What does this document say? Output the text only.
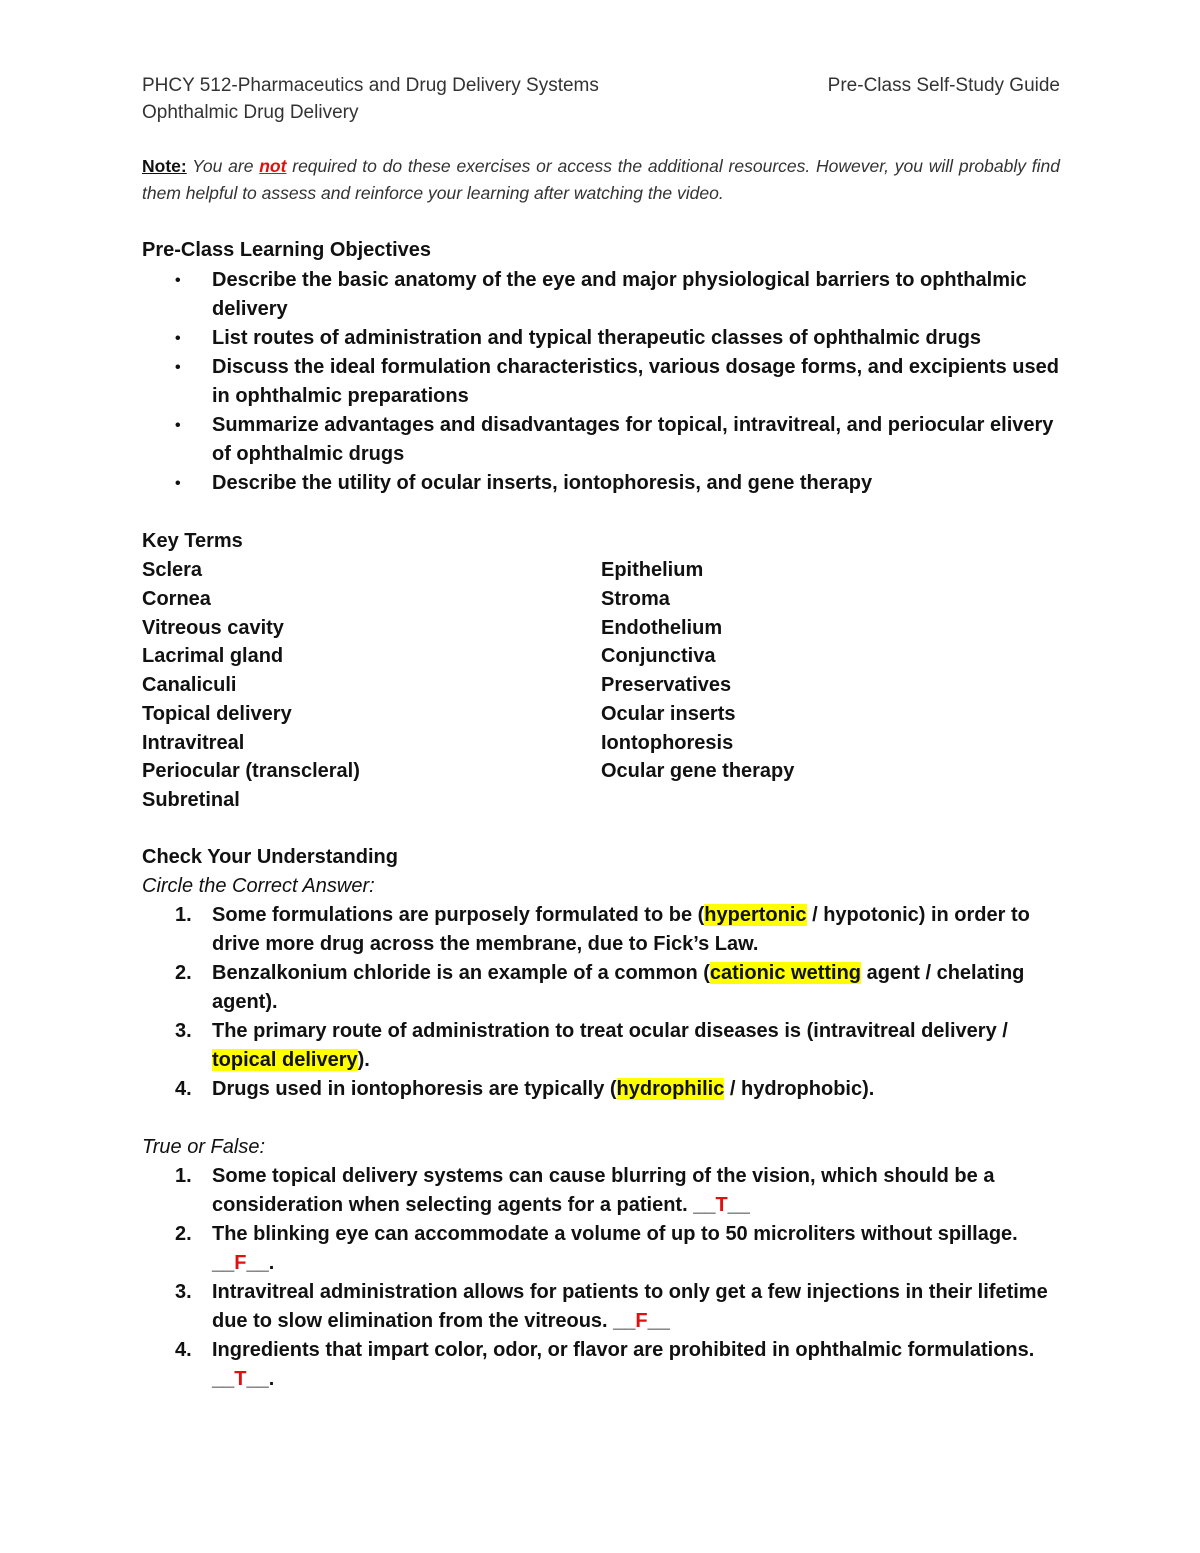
PHCY 512-Pharmaceutics and Drug Delivery Systems	Pre-Class Self-Study Guide
Ophthalmic Drug Delivery
Note: You are not required to do these exercises or access the additional resources. However, you will probably find them helpful to assess and reinforce your learning after watching the video.
Pre-Class Learning Objectives
• Describe the basic anatomy of the eye and major physiological barriers to ophthalmic delivery
• List routes of administration and typical therapeutic classes of ophthalmic drugs
• Discuss the ideal formulation characteristics, various dosage forms, and excipients used in ophthalmic preparations
• Summarize advantages and disadvantages for topical, intravitreal, and periocular elivery of ophthalmic drugs
• Describe the utility of ocular inserts, iontophoresis, and gene therapy
Key Terms
Sclera
Cornea
Vitreous cavity
Lacrimal gland
Canaliculi
Topical delivery
Intravitreal
Periocular (transcleral)
Subretinal
Epithelium
Stroma
Endothelium
Conjunctiva
Preservatives
Ocular inserts
Iontophoresis
Ocular gene therapy
Check Your Understanding
Circle the Correct Answer:
1. Some formulations are purposely formulated to be (hypertonic / hypotonic) in order to drive more drug across the membrane, due to Fick’s Law.
2. Benzalkonium chloride is an example of a common (cationic wetting agent / chelating agent).
3. The primary route of administration to treat ocular diseases is (intravitreal delivery / topical delivery).
4. Drugs used in iontophoresis are typically (hydrophilic / hydrophobic).
True or False:
1. Some topical delivery systems can cause blurring of the vision, which should be a consideration when selecting agents for a patient. __T__
2. The blinking eye can accommodate a volume of up to 50 microliters without spillage. __F__.
3. Intravitreal administration allows for patients to only get a few injections in their lifetime due to slow elimination from the vitreous. __F__
4. Ingredients that impart color, odor, or flavor are prohibited in ophthalmic formulations. __T__.
